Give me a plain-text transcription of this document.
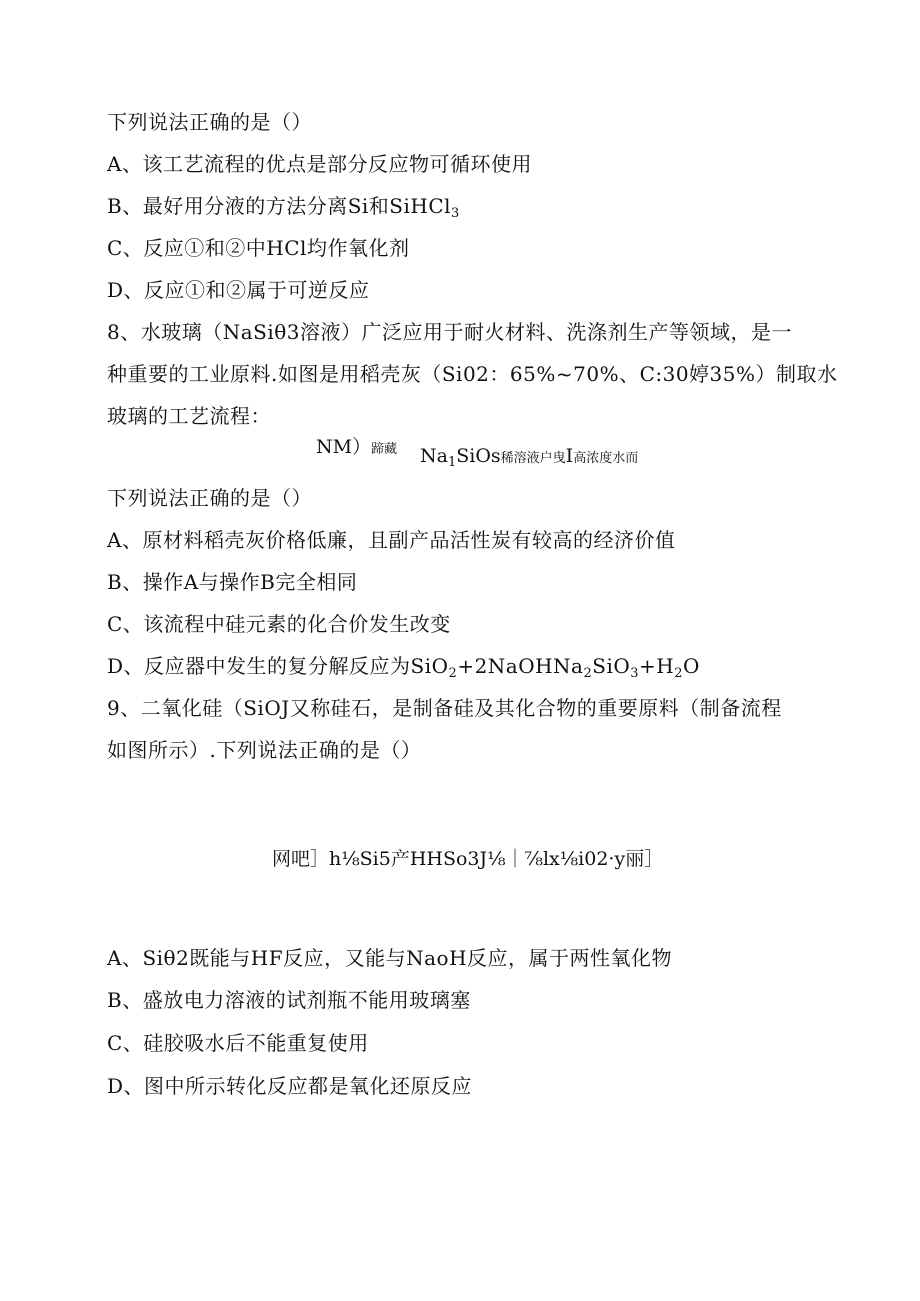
下列说法正确的是（）
A、该工艺流程的优点是部分反应物可循环使用
B、最好用分液的方法分离Si和SiHCl$_3$
C、反应①和②中HCl均作氧化剂
D、反应①和②属于可逆反应
8、水玻璃（NaSiθ3溶液）广泛应用于耐火材料、洗涤剂生产等领域，是一
种重要的工业原料.如图是用稻壳灰（Si02：65%~70%、C:30婷35%）制取水
玻璃的工艺流程：
NM）蹄藏 $Na_1SiOs$稀溶液户曳I高浓度水而
下列说法正确的是（）
A、原材料稻壳灰价格低廉，且副产品活性炭有较高的经济价值
B、操作A与操作B完全相同
C、该流程中硅元素的化合价发生改变
D、反应器中发生的复分解反应为$SiO_2+2NaOHNa_2SiO_3+H_2O$
9、二氧化硅（SiOJ又称硅石，是制备硅及其化合物的重要原料（制备流程
如图所示）.下列说法正确的是（）
网吧］h⅛Si5产HHSo3J⅛｜⅞lx⅛i02·y丽］
A、Siθ2既能与HF反应，又能与NaoH反应，属于两性氧化物
B、盛放电力溶液的试剂瓶不能用玻璃塞
C、硅胶吸水后不能重复使用
D、图中所示转化反应都是氧化还原反应
